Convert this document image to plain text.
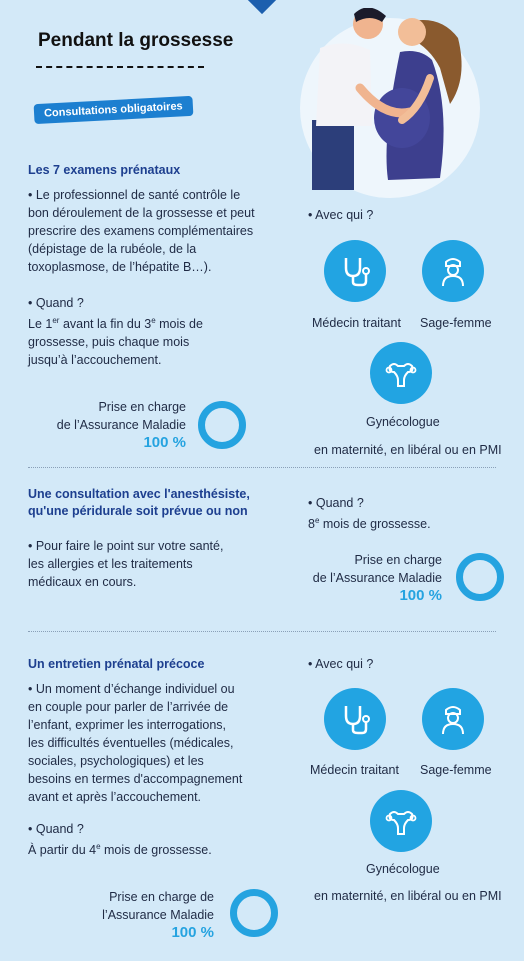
Pendant la grossesse
Consultations obligatoires
Les 7 examens prénataux
• Le professionnel de santé contrôle le
bon déroulement de la grossesse et peut
prescrire des examens complémentaires
(dépistage de la rubéole, de la
toxoplasmose, de l’hépatite B…).
• Quand ?
Le 1er avant la fin du 3e mois de
grossesse, puis chaque mois
jusqu’à l’accouchement.
Prise en charge
de l’Assurance Maladie
100 %
• Avec qui ?
Médecin traitant Sage-femme
Gynécologue
en maternité, en libéral ou en PMI
Une consultation avec l'anesthésiste,
qu'une péridurale soit prévue ou non
• Pour faire le point sur votre santé,
les allergies et les traitements
médicaux en cours.
• Quand ?
8e mois de grossesse.
Prise en charge
de l’Assurance Maladie
100 %
Un entretien prénatal précoce
• Un moment d’échange individuel ou
en couple pour parler de l’arrivée de
l’enfant, exprimer les interrogations,
les difficultés éventuelles (médicales,
sociales, psychologiques) et les
besoins en termes d'accompagnement
avant et après l’accouchement.
• Quand ?
À partir du 4e mois de grossesse.
Prise en charge de
l’Assurance Maladie
100 %
• Avec qui ?
Médecin traitant Sage-femme
Gynécologue
en maternité, en libéral ou en PMI
